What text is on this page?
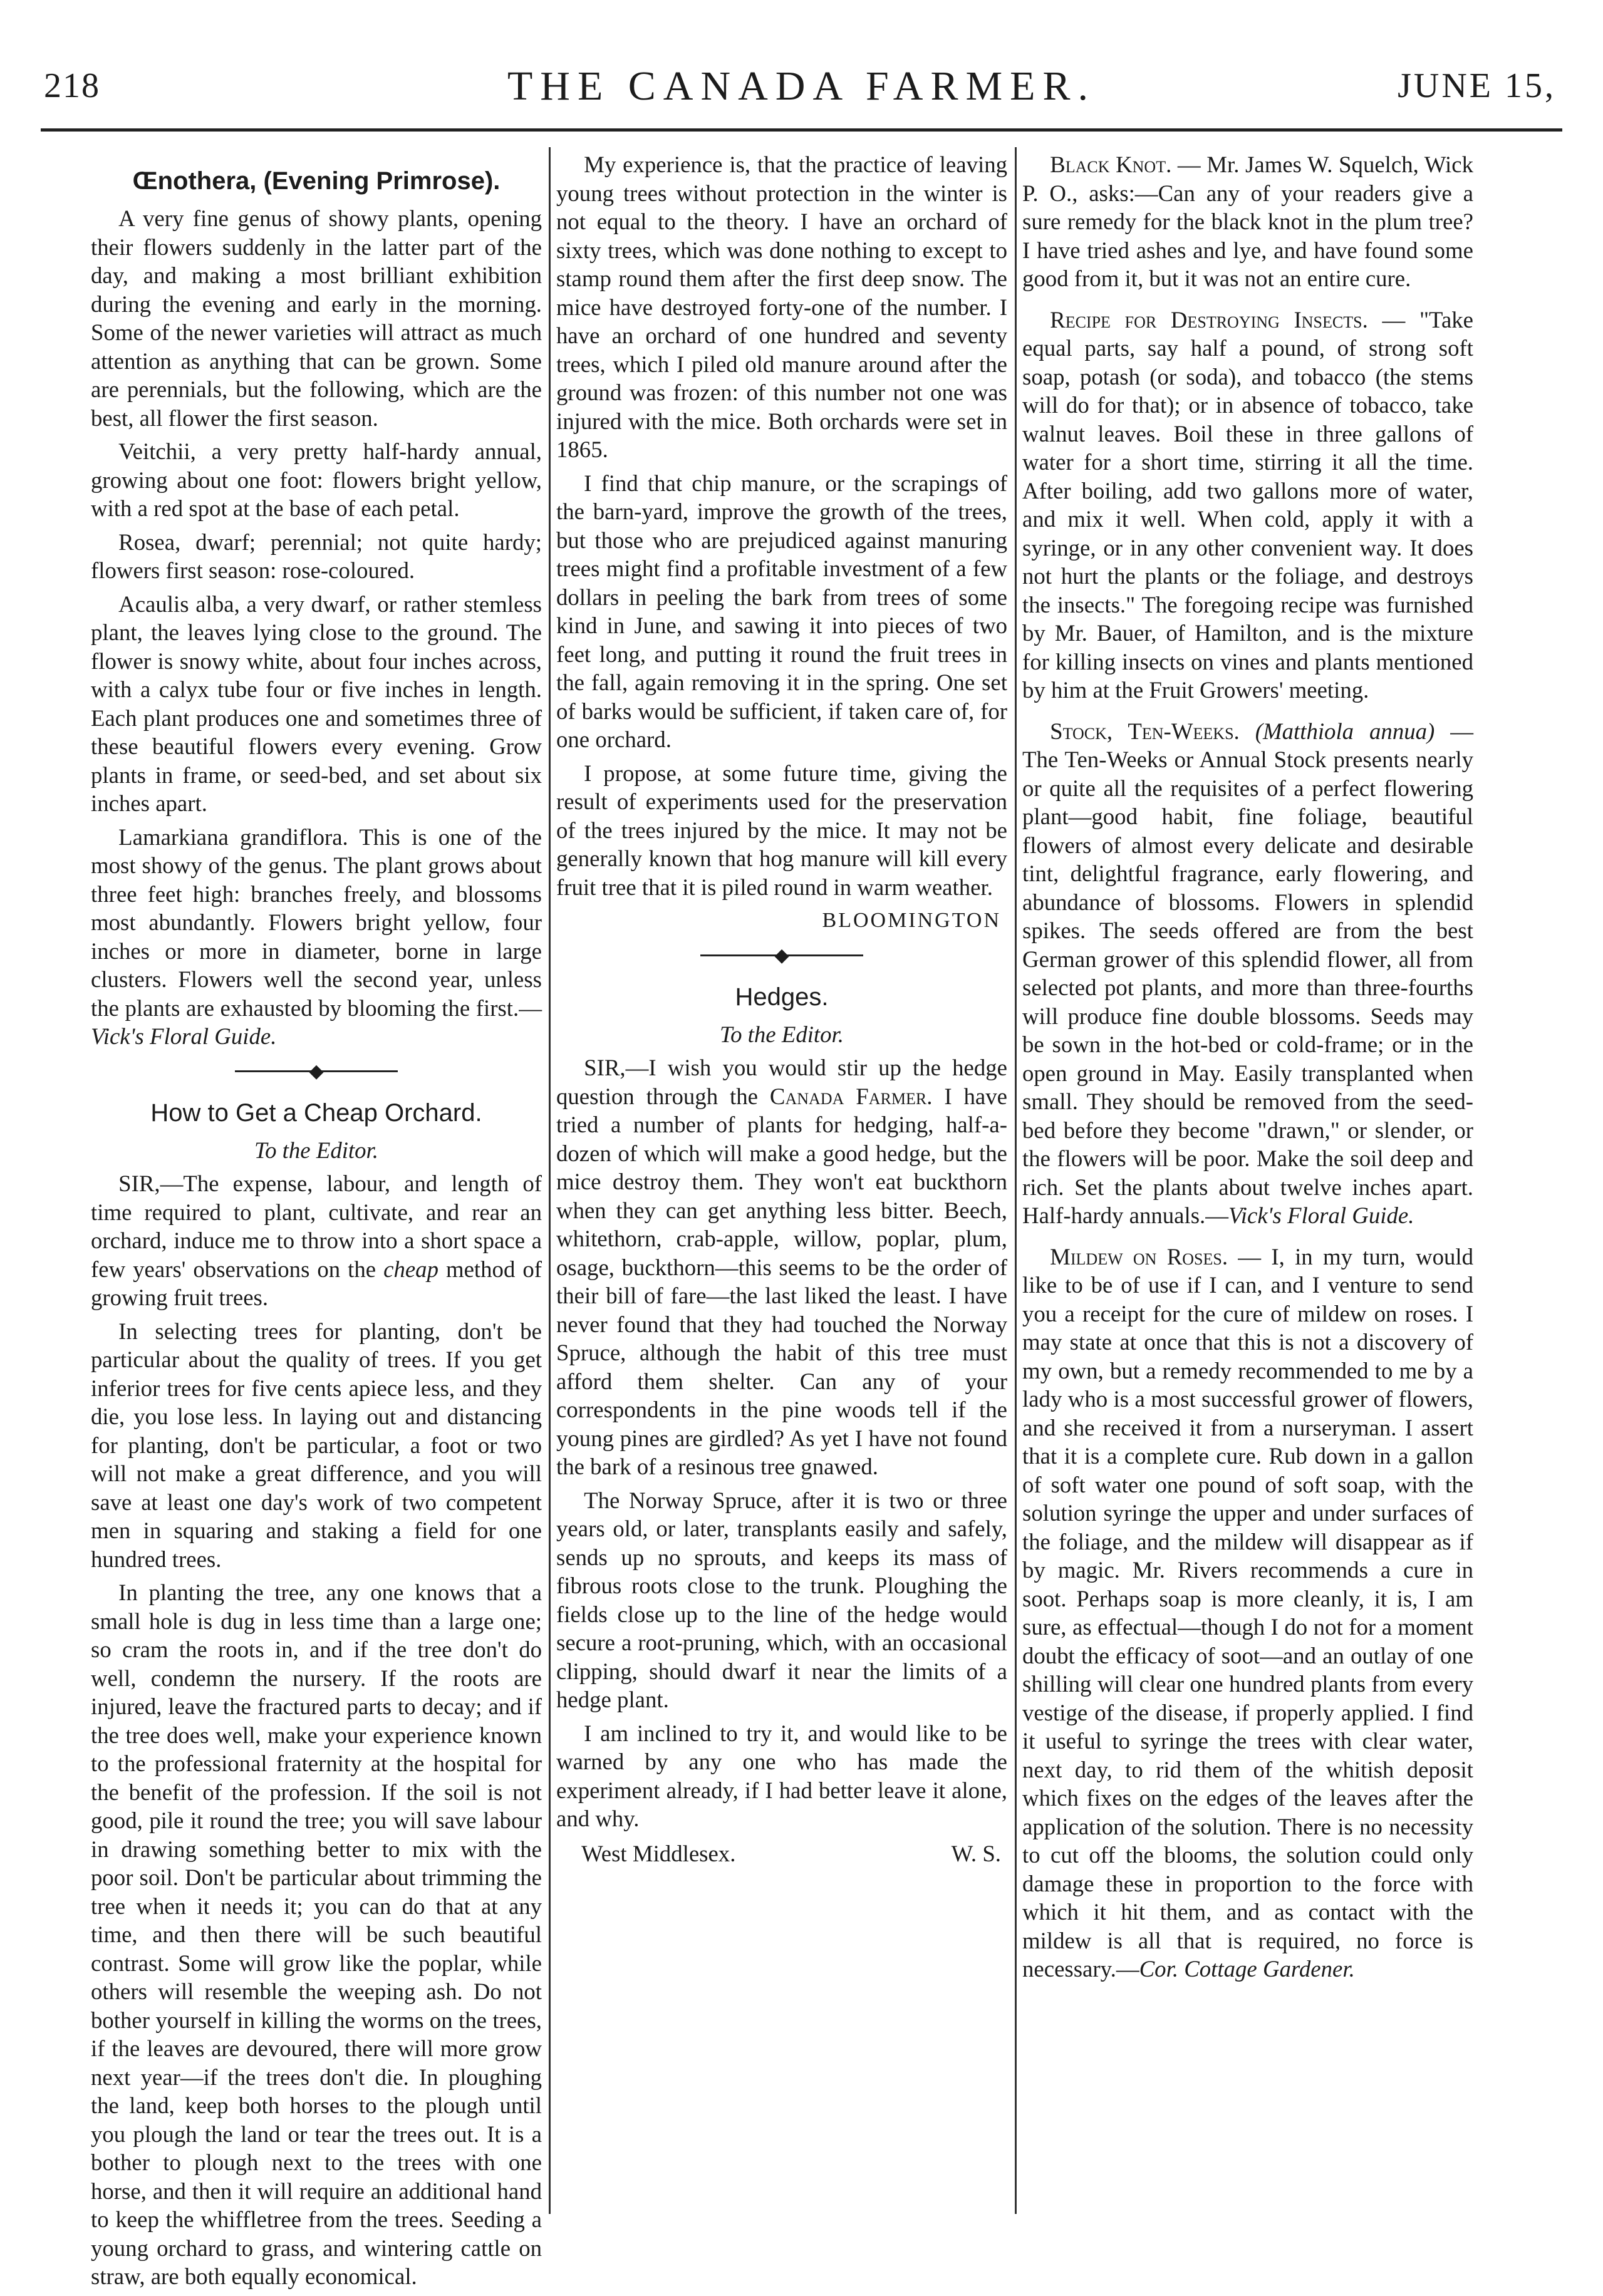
218	THE CANADA FARMER.	JUNE 15,
Œnothera, (Evening Primrose).

A very fine genus of showy plants, opening their flowers suddenly in the latter part of the day, and making a most brilliant exhibition during the evening and early in the morning. Some of the newer varieties will attract as much attention as anything that can be grown. Some are perennials, but the following, which are the best, all flower the first season.

Veitchii, a very pretty half-hardy annual, growing about one foot: flowers bright yellow, with a red spot at the base of each petal.

Rosea, dwarf; perennial; not quite hardy; flowers first season: rose-coloured.

Acaulis alba, a very dwarf, or rather stemless plant, the leaves lying close to the ground. The flower is snowy white, about four inches across, with a calyx tube four or five inches in length. Each plant produces one and sometimes three of these beautiful flowers every evening. Grow plants in frame, or seed-bed, and set about six inches apart.

Lamarkiana grandiflora. This is one of the most showy of the genus. The plant grows about three feet high: branches freely, and blossoms most abundantly. Flowers bright yellow, four inches or more in diameter, borne in large clusters. Flowers well the second year, unless the plants are exhausted by blooming the first.—Vick's Floral Guide.

◆
How to Get a Cheap Orchard.
To the Editor.

SIR,—The expense, labour, and length of time required to plant, cultivate, and rear an orchard, induce me to throw into a short space a few years' observations on the cheap method of growing fruit trees.

In selecting trees for planting, don't be particular about the quality of trees. If you get inferior trees for five cents apiece less, and they die, you lose less. In laying out and distancing for planting, don't be particular, a foot or two will not make a great difference, and you will save at least one day's work of two competent men in squaring and staking a field for one hundred trees.

In planting the tree, any one knows that a small hole is dug in less time than a large one; so cram the roots in, and if the tree don't do well, condemn the nursery. If the roots are injured, leave the fractured parts to decay; and if the tree does well, make your experience known to the professional fraternity at the hospital for the benefit of the profession. If the soil is not good, pile it round the tree; you will save labour in drawing something better to mix with the poor soil. Don't be particular about trimming the tree when it needs it; you can do that at any time, and then there will be such beautiful contrast. Some will grow like the poplar, while others will resemble the weeping ash. Do not bother yourself in killing the worms on the trees, if the leaves are devoured, there will more grow next year—if the trees don't die. In ploughing the land, keep both horses to the plough until you plough the land or tear the trees out. It is a bother to plough next to the trees with one horse, and then it will require an additional hand to keep the whiffletree from the trees. Seeding a young orchard to grass, and wintering cattle on straw, are both equally economical.

My experience is, that the practice of leaving young trees without protection in the winter is not equal to the theory. I have an orchard of sixty trees, which was done nothing to except to stamp round them after the first deep snow. The mice have destroyed forty-one of the number. I have an orchard of one hundred and seventy trees, which I piled old manure around after the ground was frozen: of this number not one was injured with the mice. Both orchards were set in 1865.

I find that chip manure, or the scrapings of the barn-yard, improve the growth of the trees, but those who are prejudiced against manuring trees might find a profitable investment of a few dollars in peeling the bark from trees of some kind in June, and sawing it into pieces of two feet long, and putting it round the fruit trees in the fall, again removing it in the spring. One set of barks would be sufficient, if taken care of, for one orchard.

I propose, at some future time, giving the result of experiments used for the preservation of the trees injured by the mice. It may not be generally known that hog manure will kill every fruit tree that it is piled round in warm weather.

BLOOMINGTON
◆
Hedges.
To the Editor.

SIR,—I wish you would stir up the hedge question through the Canada Farmer. I have tried a number of plants for hedging, half-a-dozen of which will make a good hedge, but the mice destroy them. They won't eat buckthorn when they can get anything less bitter. Beech, whitethorn, crab-apple, willow, poplar, plum, osage, buckthorn—this seems to be the order of their bill of fare—the last liked the least. I have never found that they had touched the Norway Spruce, although the habit of this tree must afford them shelter. Can any of your correspondents in the pine woods tell if the young pines are girdled? As yet I have not found the bark of a resinous tree gnawed.

The Norway Spruce, after it is two or three years old, or later, transplants easily and safely, sends up no sprouts, and keeps its mass of fibrous roots close to the trunk. Ploughing the fields close up to the line of the hedge would secure a root-pruning, which, with an occasional clipping, should dwarf it near the limits of a hedge plant.

I am inclined to try it, and would like to be warned by any one who has made the experiment already, if I had better leave it alone, and why.

West Middlesex.	W. S.

Black Knot. — Mr. James W. Squelch, Wick P. O., asks:—Can any of your readers give a sure remedy for the black knot in the plum tree? I have tried ashes and lye, and have found some good from it, but it was not an entire cure.

Recipe for Destroying Insects. — "Take equal parts, say half a pound, of strong soft soap, potash (or soda), and tobacco (the stems will do for that); or in absence of tobacco, take walnut leaves. Boil these in three gallons of water for a short time, stirring it all the time. After boiling, add two gallons more of water, and mix it well. When cold, apply it with a syringe, or in any other convenient way. It does not hurt the plants or the foliage, and destroys the insects." The foregoing recipe was furnished by Mr. Bauer, of Hamilton, and is the mixture for killing insects on vines and plants mentioned by him at the Fruit Growers' meeting.

Stock, Ten-Weeks. (Matthiola annua) — The Ten-Weeks or Annual Stock presents nearly or quite all the requisites of a perfect flowering plant—good habit, fine foliage, beautiful flowers of almost every delicate and desirable tint, delightful fragrance, early flowering, and abundance of blossoms. Flowers in splendid spikes. The seeds offered are from the best German grower of this splendid flower, all from selected pot plants, and more than three-fourths will produce fine double blossoms. Seeds may be sown in the hot-bed or cold-frame; or in the open ground in May. Easily transplanted when small. They should be removed from the seed-bed before they become "drawn," or slender, or the flowers will be poor. Make the soil deep and rich. Set the plants about twelve inches apart. Half-hardy annuals.—Vick's Floral Guide.

Mildew on Roses. — I, in my turn, would like to be of use if I can, and I venture to send you a receipt for the cure of mildew on roses. I may state at once that this is not a discovery of my own, but a remedy recommended to me by a lady who is a most successful grower of flowers, and she received it from a nurseryman. I assert that it is a complete cure. Rub down in a gallon of soft water one pound of soft soap, with the solution syringe the upper and under surfaces of the foliage, and the mildew will disappear as if by magic. Mr. Rivers recommends a cure in soot. Perhaps soap is more cleanly, it is, I am sure, as effectual—though I do not for a moment doubt the efficacy of soot—and an outlay of one shilling will clear one hundred plants from every vestige of the disease, if properly applied. I find it useful to syringe the trees with clear water, next day, to rid them of the whitish deposit which fixes on the edges of the leaves after the application of the solution. There is no necessity to cut off the blooms, the solution could only damage these in proportion to the force with which it hit them, and as contact with the mildew is all that is required, no force is necessary.—Cor. Cottage Gardener.
